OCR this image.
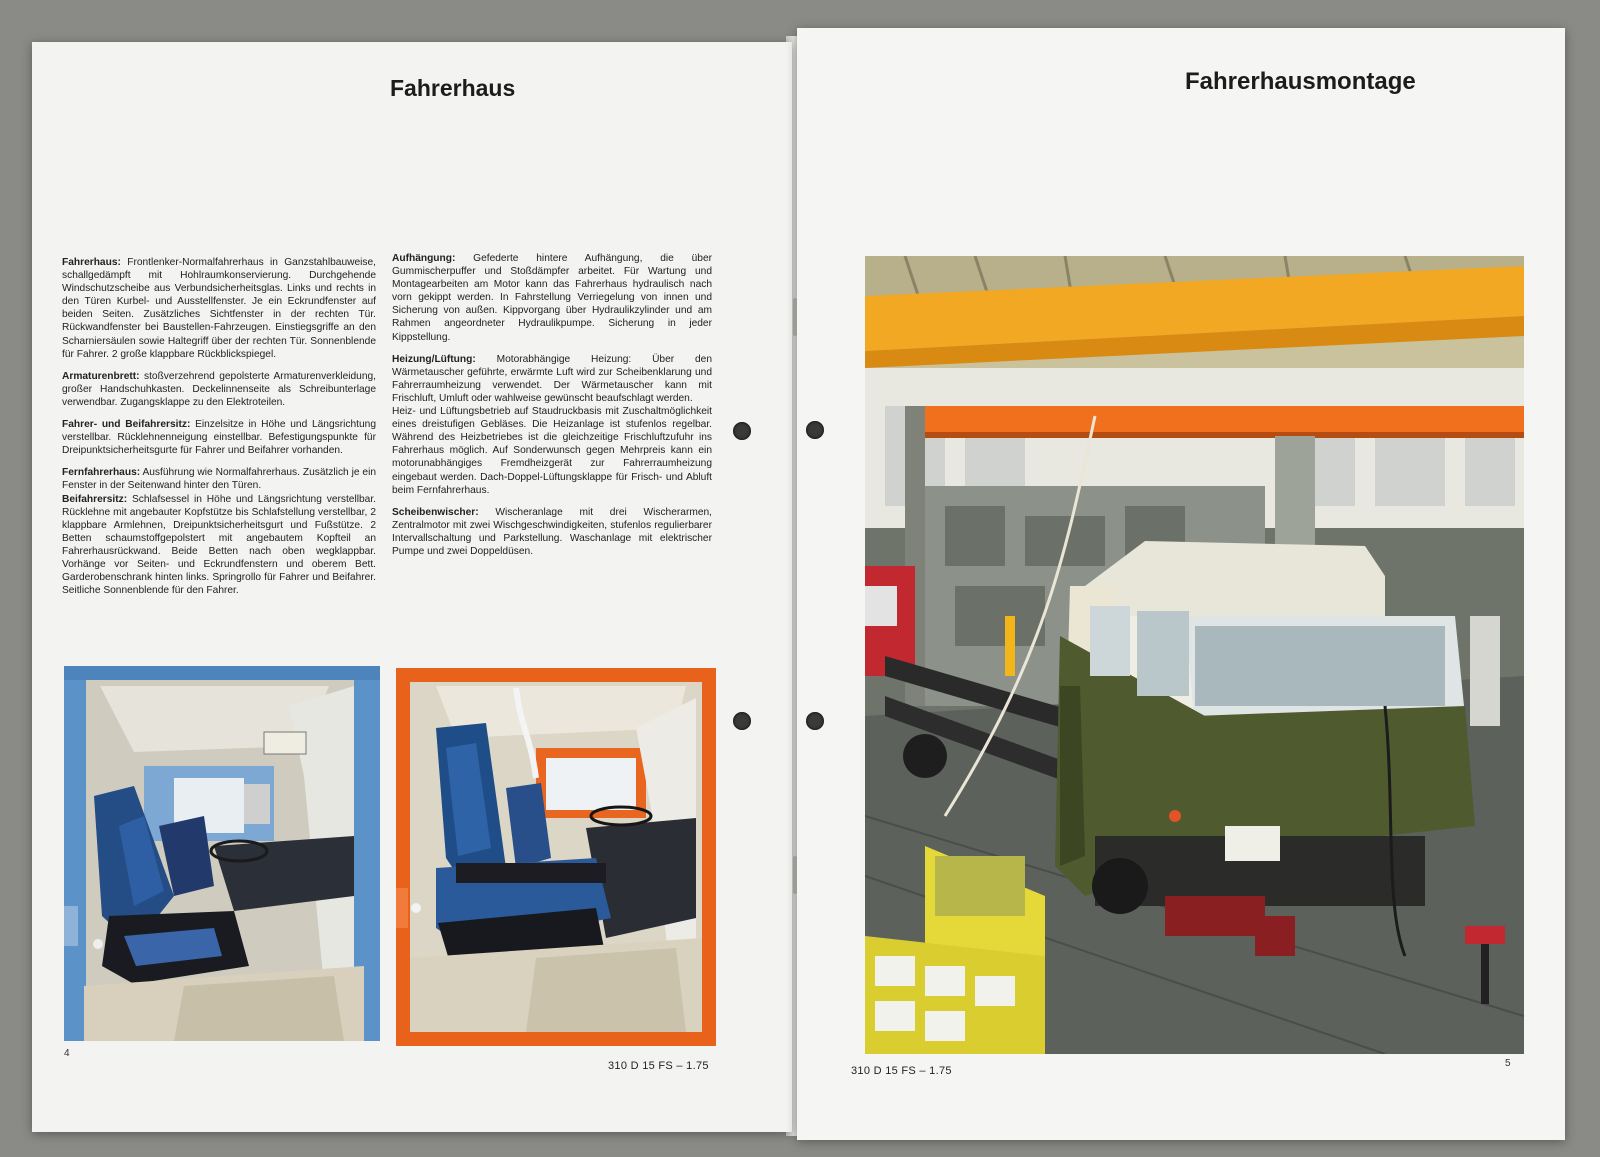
Fahrerhaus

Fahrerhaus: Frontlenker-Normalfahrerhaus in Ganzstahlbauweise, schallgedämpft mit Hohlraumkonservierung. Durchgehende Windschutzscheibe aus Verbundsicherheitsglas. Links und rechts in den Türen Kurbel- und Ausstellfenster. Je ein Eckrundfenster auf beiden Seiten. Zusätzliches Sichtfenster in der rechten Tür. Rückwandfenster bei Baustellen-Fahrzeugen. Einstiegsgriffe an den Scharniersäulen sowie Haltegriff über der rechten Tür. Sonnenblende für Fahrer. 2 große klappbare Rückblickspiegel.

Armaturenbrett: stoßverzehrend gepolsterte Armaturenverkleidung, großer Handschuhkasten. Deckelinnenseite als Schreibunterlage verwendbar. Zugangsklappe zu den Elektroteilen.

Fahrer- und Beifahrersitz: Einzelsitze in Höhe und Längsrichtung verstellbar. Rücklehnenneigung einstellbar. Befestigungspunkte für Dreipunktsicherheitsgurte für Fahrer und Beifahrer vorhanden.

Fernfahrerhaus: Ausführung wie Normalfahrerhaus. Zusätzlich je ein Fenster in der Seitenwand hinter den Türen.

Beifahrersitz: Schlafsessel in Höhe und Längsrichtung verstellbar. Rücklehne mit angebauter Kopfstütze bis Schlafstellung verstellbar, 2 klappbare Armlehnen, Dreipunktsicherheitsgurt und Fußstütze. 2 Betten schaumstoffgepolstert mit angebautem Kopfteil an Fahrerhausrückwand. Beide Betten nach oben wegklappbar. Vorhänge vor Seiten- und Eckrundfenstern und oberem Bett. Garderobenschrank hinten links. Springrollo für Fahrer und Beifahrer. Seitliche Sonnenblende für den Fahrer.

Aufhängung: Gefederte hintere Aufhängung, die über Gummischerpuffer und Stoßdämpfer arbeitet. Für Wartung und Montagearbeiten am Motor kann das Fahrerhaus hydraulisch nach vorn gekippt werden. In Fahrstellung Verriegelung von innen und Sicherung von außen. Kippvorgang über Hydraulikzylinder und am Rahmen angeordneter Hydraulikpumpe. Sicherung in jeder Kippstellung.

Heizung/Lüftung: Motorabhängige Heizung: Über den Wärmetauscher geführte, erwärmte Luft wird zur Scheibenklarung und Fahrerraumheizung verwendet. Der Wärmetauscher kann mit Frischluft, Umluft oder wahlweise gewünscht beaufschlagt werden.

Heiz- und Lüftungsbetrieb auf Staudruckbasis mit Zuschaltmöglichkeit eines dreistufigen Gebläses. Die Heizanlage ist stufenlos regelbar. Während des Heizbetriebes ist die gleichzeitige Frischluftzufuhr ins Fahrerhaus möglich. Auf Sonderwunsch gegen Mehrpreis kann ein motorunabhängiges Fremdheizgerät zur Fahrerraumheizung eingebaut werden. Dach-Doppel-Lüftungsklappe für Frisch- und Abluft beim Fernfahrerhaus.

Scheibenwischer: Wischeranlage mit drei Wischerarmen, Zentralmotor mit zwei Wischgeschwindigkeiten, stufenlos regulierbarer Intervallschaltung und Parkstellung. Waschanlage mit elektrischer Pumpe und zwei Doppeldüsen.

4
310 D 15 FS – 1.75
Fahrerhausmontage
310 D 15 FS – 1.75
5
